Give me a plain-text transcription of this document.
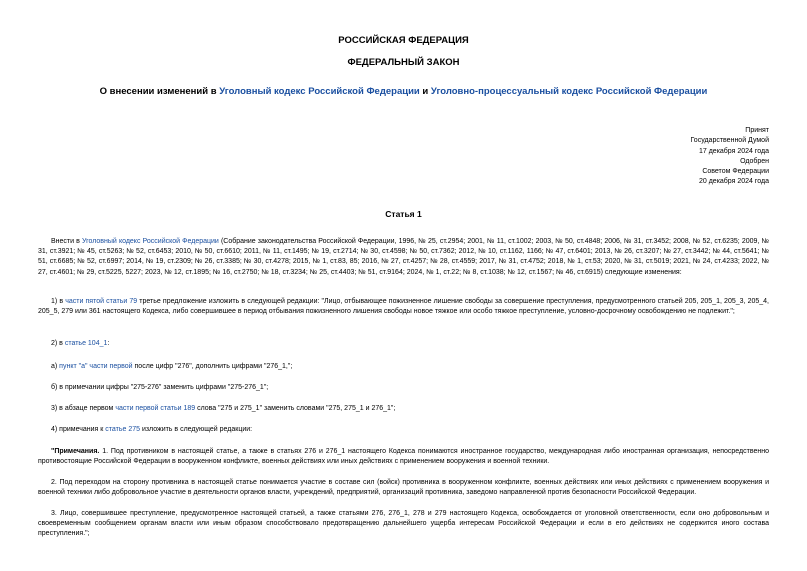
РОССИЙСКАЯ ФЕДЕРАЦИЯ
ФЕДЕРАЛЬНЫЙ ЗАКОН
О внесении изменений в Уголовный кодекс Российской Федерации и Уголовно-процессуальный кодекс Российской Федерации
Принят
Государственной Думой
17 декабря 2024 года
Одобрен
Советом Федерации
20 декабря 2024 года
Статья 1
Внести в Уголовный кодекс Российской Федерации (Собрание законодательства Российской Федерации, 1996, № 25, ст.2954; 2001, № 11, ст.1002; 2003, № 50, ст.4848; 2006, № 31, ст.3452; 2008, № 52, ст.6235; 2009, № 31, ст.3921; № 45, ст.5263; № 52, ст.6453; 2010, № 50, ст.6610; 2011, № 11, ст.1495; № 19, ст.2714; № 30, ст.4598; № 50, ст.7362; 2012, № 10, ст.1162, 1166; № 47, ст.6401; 2013, № 26, ст.3207; № 27, ст.3442; № 44, ст.5641; № 51, ст.6685; № 52, ст.6997; 2014, № 19, ст.2309; № 26, ст.3385; № 30, ст.4278; 2015, № 1, ст.83, 85; 2016, № 27, ст.4257; № 28, ст.4559; 2017, № 31, ст.4752; 2018, № 1, ст.53; 2020, № 31, ст.5019; 2021, № 24, ст.4233; 2022, № 27, ст.4601; № 29, ст.5225, 5227; 2023, № 12, ст.1895; № 16, ст.2750; № 18, ст.3234; № 25, ст.4403; № 51, ст.9164; 2024, № 1, ст.22; № 8, ст.1038; № 12, ст.1567; № 46, ст.6915) следующие изменения:
1) в части пятой статьи 79 третье предложение изложить в следующей редакции: "Лицо, отбывающее пожизненное лишение свободы за совершение преступления, предусмотренного статьей 205, 205_1, 205_3, 205_4, 205_5, 279 или 361 настоящего Кодекса, либо совершившее в период отбывания пожизненного лишения свободы новое тяжкое или особо тяжкое преступление, условно-досрочному освобождению не подлежит.";
2) в статье 104_1:
а) пункт "а" части первой после цифр "276", дополнить цифрами "276_1,";
б) в примечании цифры "275-276" заменить цифрами "275-276_1";
3) в абзаце первом части первой статьи 189 слова "275 и 275_1" заменить словами "275, 275_1 и 276_1";
4) примечания к статье 275 изложить в следующей редакции:
"Примечания. 1. Под противником в настоящей статье, а также в статьях 276 и 276_1 настоящего Кодекса понимаются иностранное государство, международная либо иностранная организация, непосредственно противостоящие Российской Федерации в вооруженном конфликте, военных действиях или иных действиях с применением вооружения и военной техники.
2. Под переходом на сторону противника в настоящей статье понимается участие в составе сил (войск) противника в вооруженном конфликте, военных действиях или иных действиях с применением вооружения и военной техники либо добровольное участие в деятельности органов власти, учреждений, предприятий, организаций противника, заведомо направленной против безопасности Российской Федерации.
3. Лицо, совершившее преступление, предусмотренное настоящей статьей, а также статьями 276, 276_1, 278 и 279 настоящего Кодекса, освобождается от уголовной ответственности, если оно добровольным и своевременным сообщением органам власти или иным образом способствовало предотвращению дальнейшего ущерба интересам Российской Федерации и если в его действиях не содержится иного состава преступления.";
